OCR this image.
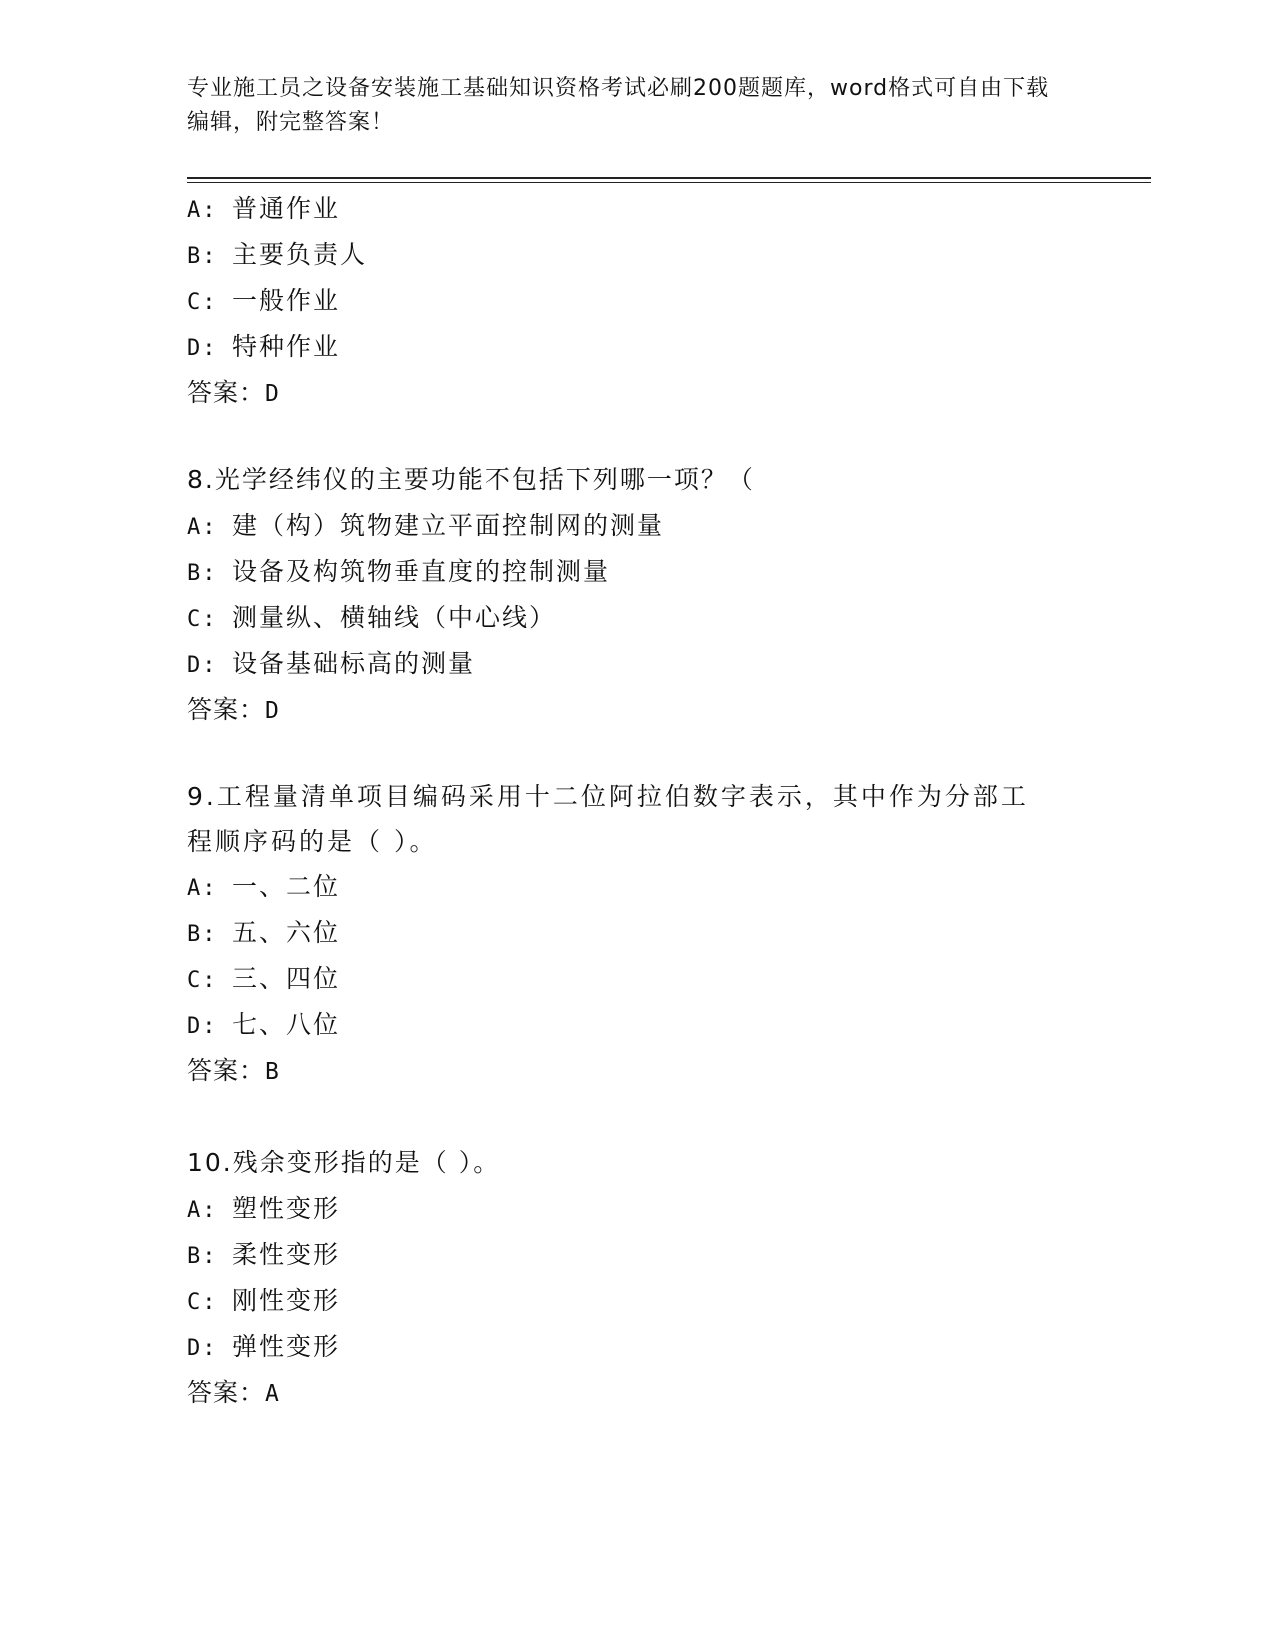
专业施工员之设备安装施工基础知识资格考试必刷200题题库，word格式可自由下载编辑，附完整答案！
A: 普通作业
B: 主要负责人
C: 一般作业
D: 特种作业
答案：D
8.光学经纬仪的主要功能不包括下列哪一项？（
A: 建（构）筑物建立平面控制网的测量
B: 设备及构筑物垂直度的控制测量
C: 测量纵、横轴线（中心线）
D: 设备基础标高的测量
答案：D
9.工程量清单项目编码采用十二位阿拉伯数字表示，其中作为分部工程顺序码的是（ ）。
A: 一、二位
B: 五、六位
C: 三、四位
D: 七、八位
答案：B
10.残余变形指的是（ ）。
A: 塑性变形
B: 柔性变形
C: 刚性变形
D: 弹性变形
答案：A
